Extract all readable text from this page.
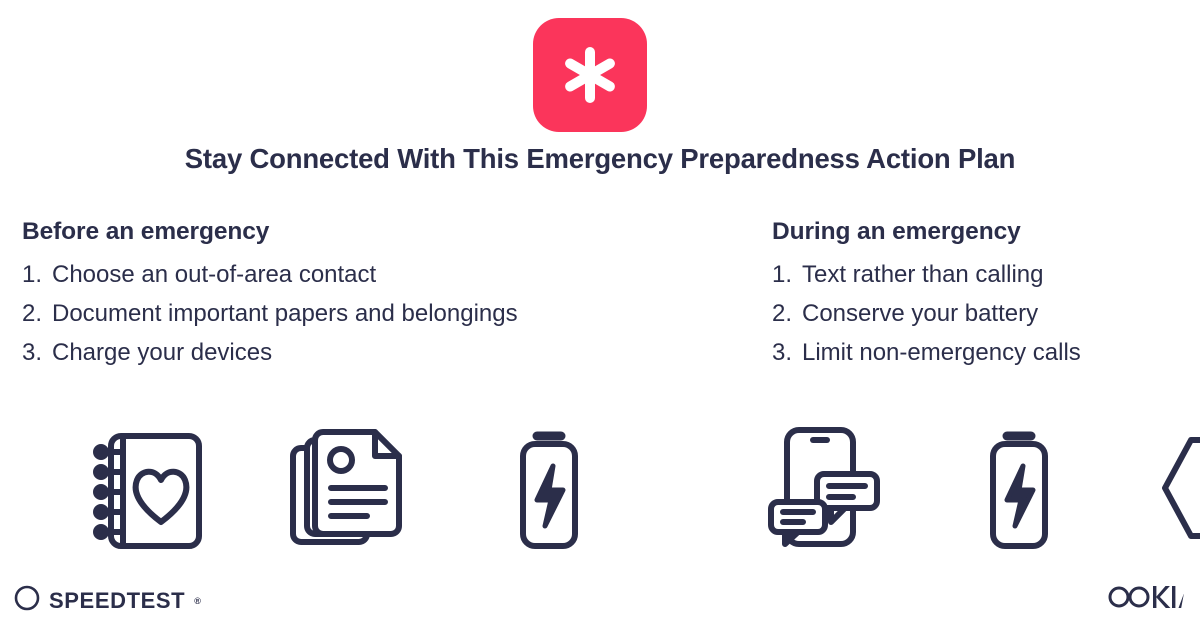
Stay Connected With This Emergency Preparedness Action Plan
Before an emergency
1. Choose an out-of-area contact
2. Document important papers and belongings
3. Charge your devices
During an emergency
1. Text rather than calling
2. Conserve your battery
3. Limit non-emergency calls
SPEEDTEST ®
